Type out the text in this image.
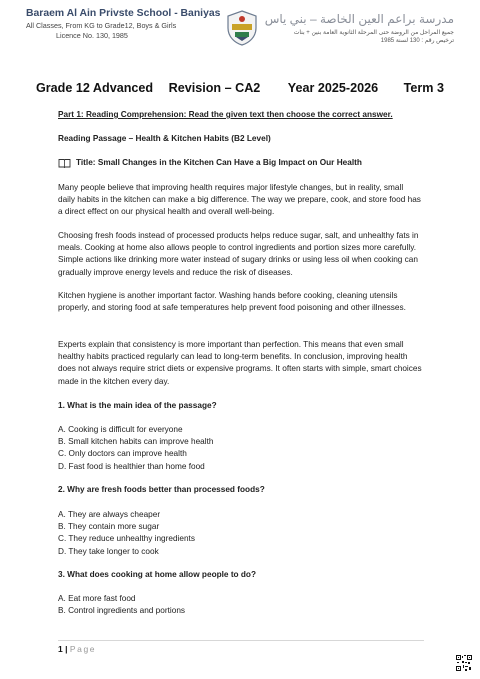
Baraem Al Ain Privste School - Baniyas
All Classes, From KG to Grade12, Boys & Girls
Licence No. 130, 1985
مدرسة براعم العين الخاصة – بني ياس
جميع المراحل من الروضة حتى المرحلة الثانوية العامة بنين + بنات
ترخيص رقم : 130 لسنة 1985
Grade 12 Advanced Revision – CA2 Year 2025-2026 Term 3
Part 1: Reading Comprehension: Read the given text then choose the correct answer.
Reading Passage – Health & Kitchen Habits (B2 Level)
Title: Small Changes in the Kitchen Can Have a Big Impact on Our Health

Many people believe that improving health requires major lifestyle changes, but in reality, small daily habits in the kitchen can make a big difference. The way we prepare, cook, and store food has a direct effect on our physical health and overall well-being.

Choosing fresh foods instead of processed products helps reduce sugar, salt, and unhealthy fats in meals. Cooking at home also allows people to control ingredients and portion sizes more carefully. Simple actions like drinking more water instead of sugary drinks or using less oil when cooking can gradually improve energy levels and reduce the risk of diseases.

Kitchen hygiene is another important factor. Washing hands before cooking, cleaning utensils properly, and storing food at safe temperatures help prevent food poisoning and other illnesses.

Experts explain that consistency is more important than perfection. This means that even small healthy habits practiced regularly can lead to long-term benefits. In conclusion, improving health does not always require strict diets or expensive programs. It often starts with simple, smart choices made in the kitchen every day.

1. What is the main idea of the passage?

A. Cooking is difficult for everyone

B. Small kitchen habits can improve health

C. Only doctors can improve health

D. Fast food is healthier than home food

2. Why are fresh foods better than processed foods?

A. They are always cheaper

B. They contain more sugar

C. They reduce unhealthy ingredients

D. They take longer to cook

3. What does cooking at home allow people to do?

A. Eat more fast food

B. Control ingredients and portions

1 | Page
